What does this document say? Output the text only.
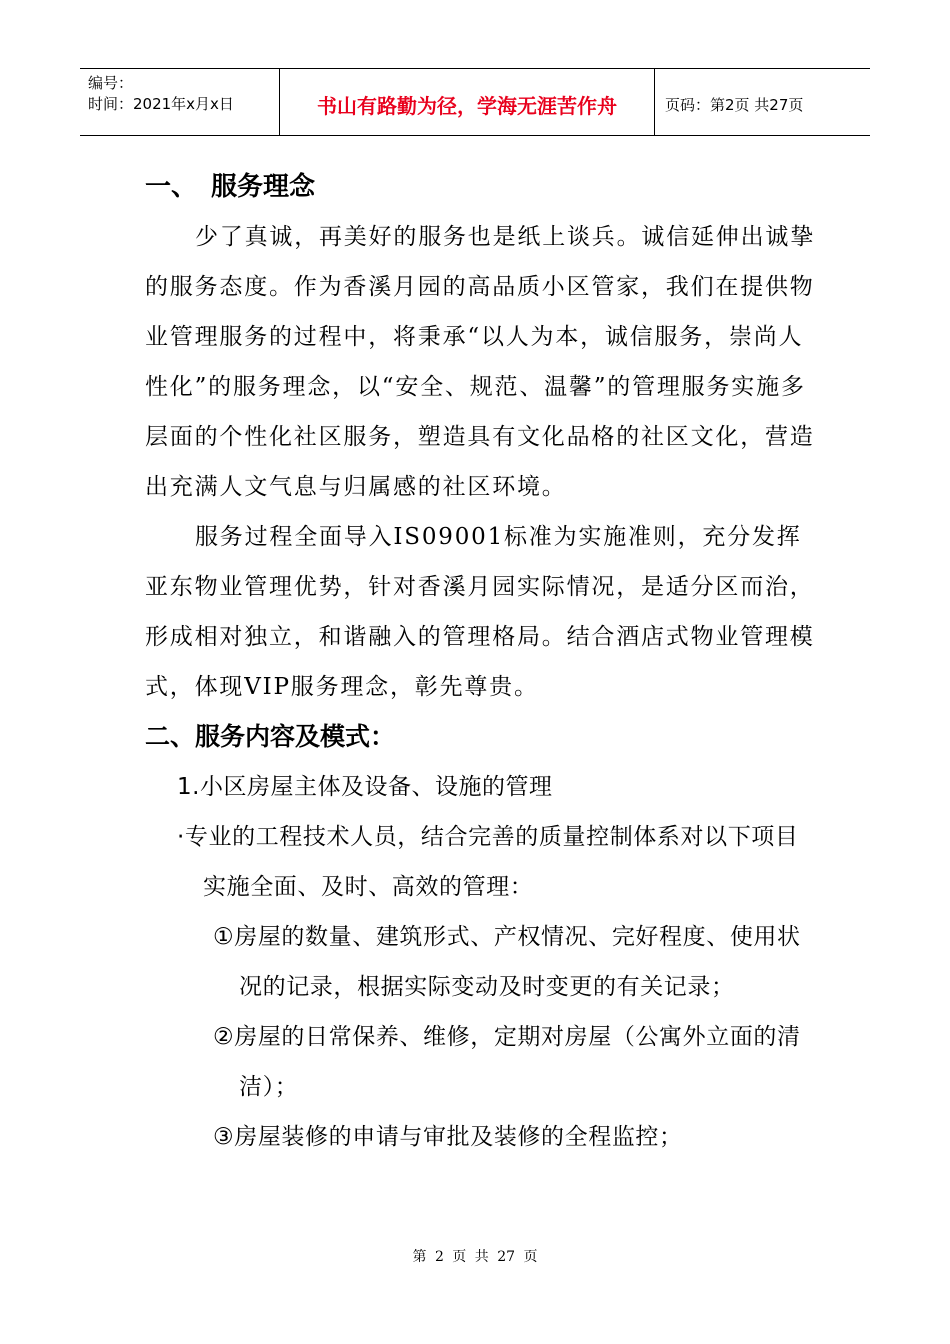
编号：
时间：2021年x月x日	书山有路勤为径，学海无涯苦作舟	页码：第2页 共27页
一、 服务理念

少了真诚，再美好的服务也是纸上谈兵。诚信延伸出诚挚的服务态度。作为香溪月园的高品质小区管家，我们在提供物业管理服务的过程中，将秉承“以人为本，诚信服务，崇尚人性化”的服务理念，以“安全、规范、温馨”的管理服务实施多层面的个性化社区服务，塑造具有文化品格的社区文化，营造出充满人文气息与归属感的社区环境。

服务过程全面导入IS09001标准为实施准则，充分发挥亚东物业管理优势，针对香溪月园实际情况，是适分区而治，形成相对独立，和谐融入的管理格局。结合酒店式物业管理模式，体现VIP服务理念，彰先尊贵。

二、服务内容及模式：
1.小区房屋主体及设备、设施的管理

·专业的工程技术人员，结合完善的质量控制体系对以下项目实施全面、及时、高效的管理：

①房屋的数量、建筑形式、产权情况、完好程度、使用状况的记录，根据实际变动及时变更的有关记录；

②房屋的日常保养、维修，定期对房屋（公寓外立面的清洁）；

③房屋装修的申请与审批及装修的全程监控；

第 2 页 共 27 页
